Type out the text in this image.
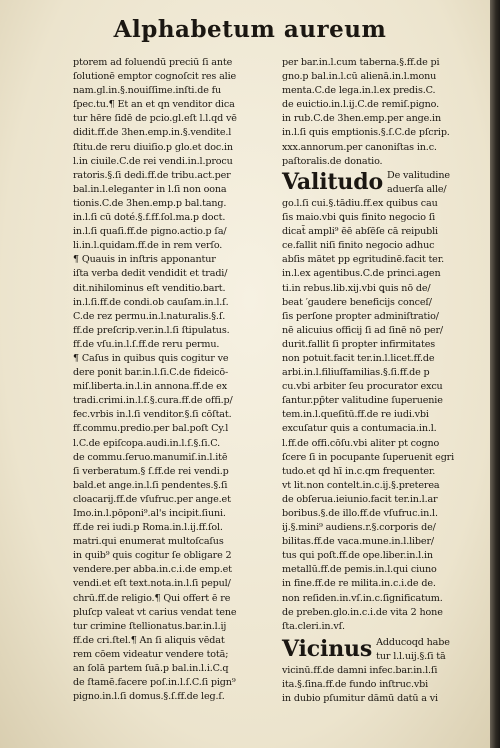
Alphabetum aureum
ptorem ad foluendū preciū ſi ante
ſolutionē emptor cognoſcit res alie
nam.gl.in.§.nouiſſime.inſti.de fu
ſpec.tu.¶ Et an et qn venditor dica
tur hēre ſidē de pcio.gl.eſt l.l.qd vē
didit.ff.de 3hen.emp.in.§.vendite.l
ſtitu.de reru diuiſio.p glo.et doc.in
l.in ciuile.C.de rei vendi.in.l.procu
ratoris.§.ſi dedi.ff.de tribu.act.per
bal.in.l.eleganter in l.ſi non oona
tionis.C.de 3hen.emp.p bal.tang.
in.l.ſi cū doté.§.f.ff.ſol.ma.p doct.
in.l.ſi quaſi.ff.de pigno.actio.p ſa/
li.in.l.quidam.ff.de in rem verſo.
¶ Quauis in inſtris apponantur
iſta verba dedit vendidit et tradi/
dit.nihilominus eſt venditio.bart.
in.l.ſi.ff.de condi.ob cauſam.in.l.ſ.
C.de rez permu.in.l.naturalis.§.ſ.
ff.de preſcrip.ver.in.l.ſi ſtipulatus.
ff.de vſu.in.l.ſ.ff.de reru permu.
¶ Caſus in quibus quis cogitur ve
dere ponit bar.in.l.ſi.C.de fideicō-
miſ.liberta.in.l.in annona.ff.de ex
tradi.crimi.in.l.ſ.§.cura.ff.de offi.p/
fec.vrbis in.l.ſi venditor.§.ſi cōſtat.
ff.commu.predio.per bal.poſt Cy.l
l.C.de epiſcopa.audi.in.l.ſ.§.ſi.C.
de commu.ſeruo.manumiſ.in.l.itē
ſi verberatum.§ ſ.ff.de rei vendi.p
bald.et ange.in.l.ſi pendentes.§.ſi
cloacarij.ff.de vſufruc.per ange.et
Imo.in.l.pōponi⁹.al's incipit.ſiuni.
ff.de rei iudi.p Roma.in.l.ij.ff.ſol.
matri.qui enumerat multoſcaſus
in quib⁹ quis cogitur ſe obligare 2
vendere.per abba.in.c.i.de emp.et
vendi.et eſt text.nota.in.l.ſi pepul/
chrū.ff.de religio.¶ Qui offert ē re
pluſcp valeat vt carius vendat tene
tur crimine ſtellionatus.bar.in.l.ij
ff.de cri.ſtel.¶ An ſi aliquis vēdat
rem cōem videatur vendere totā;
an ſolā partem ſuā.p bal.in.l.i.C.q
de ſtamē.facere poſ.in.l.ſ.C.ſi pign⁹
pigno.in.l.ſi domus.§.ſ.ff.de leg.ſ.
per bar.in.l.cum taberna.§.ff.de pi
gno.p bal.in.l.cū alienā.in.l.monu
menta.C.de lega.in.l.ex predis.C.
de euictio.in.l.ij.C.de remiſ.pigno.
in rub.C.de 3hen.emp.per ange.in
in.l.ſi quis emptionis.§.ſ.C.de pſcrip.
xxx.annorum.per canoniſtas in.c.
paſtoralis.de donatio.
Valitudo De valitudine
aduerſa alle/
go.l.ſi cui.§.tādiu.ff.ex quibus cau
ſis maio.vbi ꝗuis finito negocio ſi
dicat̄ ampli⁹ ēē abſēſe cā reipubli
ce.fallit niſi finito negocio adhuc
abſis mātet pp egritudinē.facit ter.
in.l.ex agentibus.C.de princi.agen
ti.in rebus.lib.xij.vbi ꝗuis nō de/
beat ′gaudere beneficijs conceſ/
ſis perſone propter adminiſtratio/
nē alicuius officij ſi ad ſinē nō per/
durit.fallit ſi propter infirmitates
non potuit.facit ter.in.l.licet.ff.de
arbi.in.l.filiuſfamilias.§.ſi.ff.de p
cu.vbi arbiter ſeu procurator excu
ſantur.pp̄ter valitudine ſuperuenie
tem.in.l.queſitū.ff.de re iudi.vbi
excuſatur quis a contumacia.in.l.
l.ff.de offi.cōſu.vbi aliter pt cogno
ſcere ſi in pocupante ſuperuenit egri
tudo.et qd hī in.c.qm frequenter.
vt lit.non contelt.in.c.ij.§.preterea
de obſerua.ieiunio.facit ter.in.l.ar
boribus.§.de illo.ff.de vſufruc.in.l.
ij.§.mini⁹ audiens.r.§.corporis de/
bilitas.ff.de vaca.mune.in.l.liber/
tus qui poſt.ff.de ope.liber.in.l.in
metallū.ff.de pemis.in.l.qui ciuno
in fine.ff.de re milita.in.c.i.de de.
non reſiden.in.vſ.in.c.ſignificatum.
de preben.glo.in.c.i.de vita 2 hone
ſta.cleri.in.vſ.
Vicinus Adducoqd habe
tur l.l.uij.§.ſi tā
vicinū.ff.de damni infec.bar.in.l.ſi
ita.§.ſina.ff.de fundo inſtruc.vbi
in dubio pſumitur dāmū datū a vi
